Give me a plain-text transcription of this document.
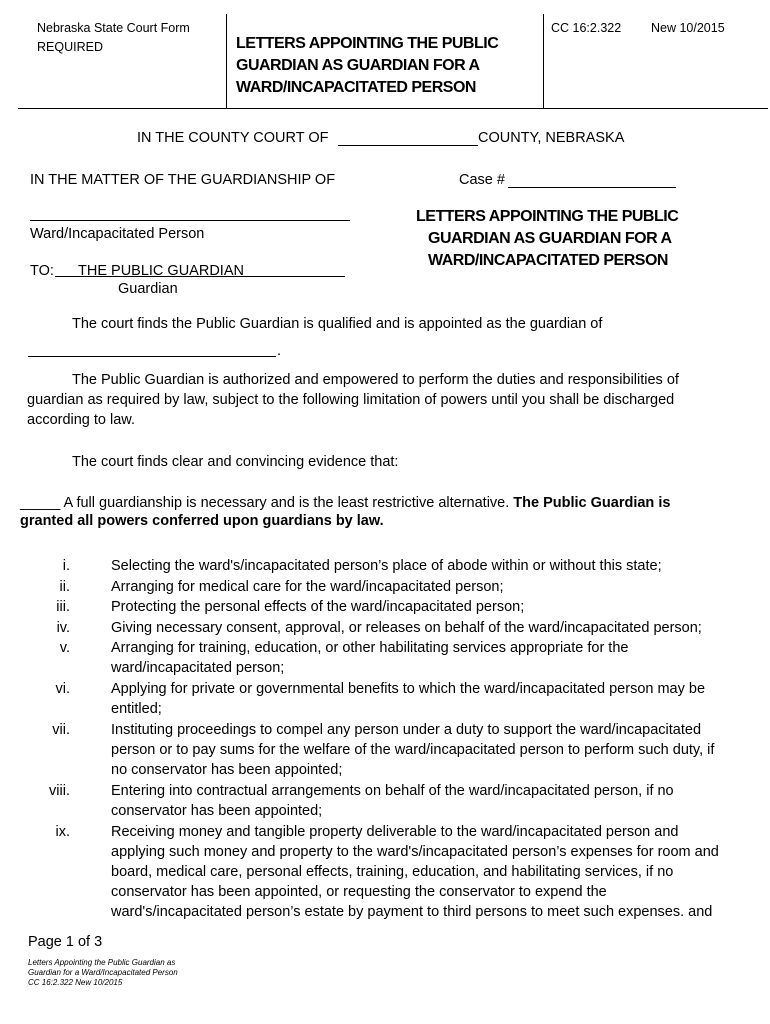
Nebraska State Court Form
REQUIRED	LETTERS APPOINTING THE PUBLIC
GUARDIAN AS GUARDIAN FOR A
WARD/INCAPACITATED PERSON
CC 16:2.322 New 10/2015
IN THE COUNTY COURT OF	COUNTY, NEBRASKA
IN THE MATTER OF THE GUARDIANSHIP OF	Case #
Ward/Incapacitated Person
TO: THE PUBLIC GUARDIAN
Guardian
LETTERS APPOINTING THE PUBLIC
GUARDIAN AS GUARDIAN FOR A
WARD/INCAPACITATED PERSON
The court finds the Public Guardian is qualified and is appointed as the guardian of
.
The Public Guardian is authorized and empowered to perform the duties and responsibilities of
guardian as required by law, subject to the following limitation of powers until you shall be discharged
according to law.
The court finds clear and convincing evidence that:
_____ A full guardianship is necessary and is the least restrictive alternative. The Public Guardian is
granted all powers conferred upon guardians by law.
i.	Selecting the ward's/incapacitated person’s place of abode within or without this state;
ii.	Arranging for medical care for the ward/incapacitated person;
iii.	Protecting the personal effects of the ward/incapacitated person;
iv.	Giving necessary consent, approval, or releases on behalf of the ward/incapacitated person;
v.	Arranging for training, education, or other habilitating services appropriate for the
ward/incapacitated person;
vi.	Applying for private or governmental benefits to which the ward/incapacitated person may be
entitled;
vii.	Instituting proceedings to compel any person under a duty to support the ward/incapacitated
person or to pay sums for the welfare of the ward/incapacitated person to perform such duty, if
no conservator has been appointed;
viii.	Entering into contractual arrangements on behalf of the ward/incapacitated person, if no
conservator has been appointed;
ix.	Receiving money and tangible property deliverable to the ward/incapacitated person and
applying such money and property to the ward's/incapacitated person’s expenses for room and
board, medical care, personal effects, training, education, and habilitating services, if no
conservator has been appointed, or requesting the conservator to expend the
ward's/incapacitated person’s estate by payment to third persons to meet such expenses. and
Page 1 of 3
Letters Appointing the Public Guardian as
Guardian for a Ward/Incapacitated Person
CC 16:2.322 New 10/2015
